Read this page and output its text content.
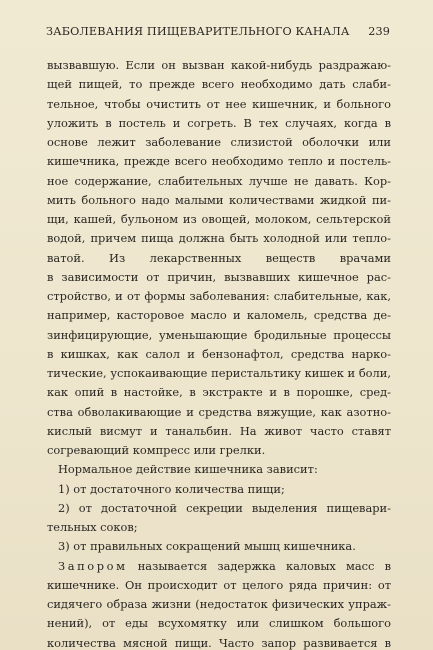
ЗАБОЛЕВАНИЯ ПИЩЕВАРИТЕЛЬНОГО КАНАЛА 239
вызвавшую. Если он вызван какой-нибудь раздражаю-
щей пищей, то прежде всего необходимо дать слаби-
тельное, чтобы очистить от нее кишечник, и больного
уложить в постель и согреть. В тех случаях, когда в
основе лежит заболевание слизистой оболочки или
кишечника, прежде всего необходимо тепло и постель-
ное содержание, слабительных лучше не давать. Кор-
мить больного надо малыми количествами жидкой пи-
щи, кашей, бульоном из овощей, молоком, сельтерской
водой, причем пища должна быть холодной или тепло-
ватой. Из лекарственных веществ врачами
в зависимости от причин, вызвавших кишечное рас-
стройство, и от формы заболевания: слабительные, как,
например, касторовое масло и каломель, средства де-
зинфицирующие, уменьшающие бродильные процессы
в кишках, как салол и бензонафтол, средства нарко-
тические, успокаивающие перистальтику кишек и боли,
как опий в настойке, в экстракте и в порошке, сред-
ства обволакивающие и средства вяжущие, как азотно-
кислый висмут и танальбин. На живот часто ставят
согревающий компресс или грелки.
Нормальное действие кишечника зависит:
1) от достаточного количества пищи;
2) от достаточной секреции выделения пищевари-
тельных соков;
3) от правильных сокращений мышц кишечника.
Запором называется задержка каловых масс в
кишечнике. Он происходит от целого ряда причин: от
сидячего образа жизни (недостаток физических упраж-
нений), от еды всухомятку или слишком большого
количества мясной пищи. Часто запор развивается в
